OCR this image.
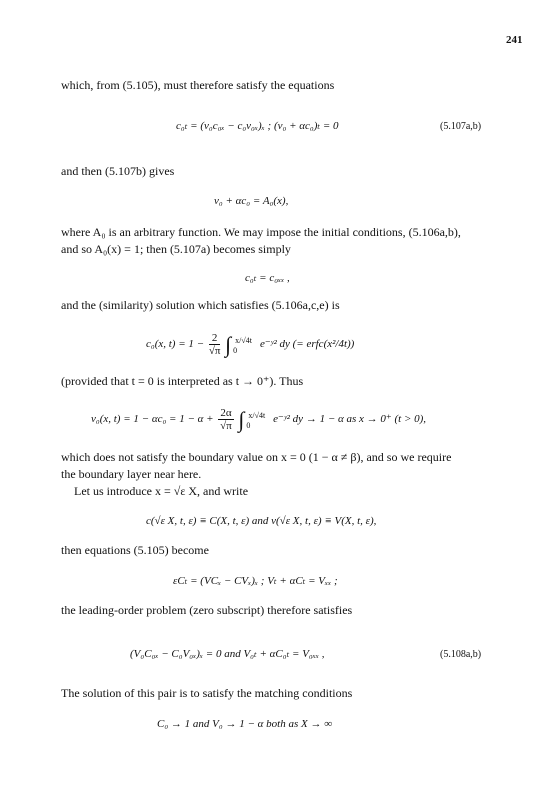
241
which, from (5.105), must therefore satisfy the equations
c₀ₜ = (v₀c₀ₓ − c₀v₀ₓ)ₓ ; (v₀ + αc₀)ₜ = 0	(5.107a,b)
and then (5.107b) gives
v₀ + αc₀ = A₀(x),
where A₀ is an arbitrary function. We may impose the initial conditions, (5.106a,b),
and so A₀(x) = 1; then (5.107a) becomes simply
c₀ₜ = c₀ₓₓ ,
and the (similarity) solution which satisfies (5.106a,c,e) is
c₀(x, $t) = 1 - \frac{2}{√\pi}$ ∫ x/√4t
0 e⁻ʸ² dy (= erfc(x²/4t))
(provided that t = 0 is interpreted as t → 0⁺). Thus
v₀(x, $t) = 1 - \alpha c_0 = 1 - \alpha + \frac{2\alpha}{√\pi}$ ∫ x/√4t
0 e⁻ʸ² dy → 1 − α as x → 0⁺ (t > 0),
which does not satisfy the boundary value on x = 0 (1 − α ≠ β), and so we require
the boundary layer near here.
Let us introduce x = √ε X, and write
c(√ε X, t, ε) ≡ C(X, t, ε) and v(√ε X, t, ε) ≡ V(X, t, ε),
then equations (5.105) become
εCₜ = (VCₓ − CVₓ)ₓ ; Vₜ + αCₜ = Vₓₓ ;
the leading-order problem (zero subscript) therefore satisfies
(V₀C₀ₓ − C₀V₀ₓ)ₓ = 0 and V₀ₜ + αC₀ₜ = V₀ₓₓ ,	(5.108a,b)
The solution of this pair is to satisfy the matching conditions
C₀ → 1 and V₀ → 1 − α both as X → ∞
